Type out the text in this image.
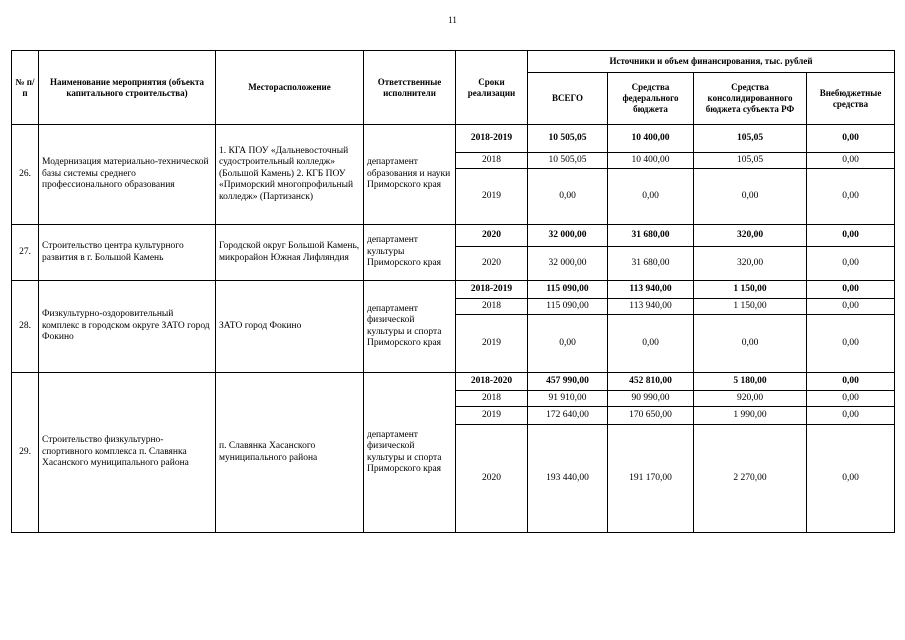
11
№ п/п	Наименование мероприятия (объекта капитального строительства)	Месторасположение	Ответственные исполнители	Сроки реализации	Источники и объем финансирования, тыс. рублей			
					ВСЕГО	Средства федерального бюджета	Средства консолидированного бюджета субъекта РФ	Внебюджетные средства
26.	Модернизация материально-технической базы системы среднего профессионального образования	1. КГА ПОУ «Дальневосточный судостроительный колледж» (Большой Камень) 2. КГБ ПОУ «Приморский многопрофильный колледж» (Партизанск)	департамент образования и науки Приморского края	2018-2019	10 505,05	10 400,00	105,05	0,00
				2018	10 505,05	10 400,00	105,05	0,00
				2019	0,00	0,00	0,00	0,00
27.	Строительство центра культурного развития в г. Большой Камень	Городской округ Большой Камень, микрорайон Южная Лифляндия	департамент культуры Приморского края	2020	32 000,00	31 680,00	320,00	0,00
				2020	32 000,00	31 680,00	320,00	0,00
28.	Физкультурно-оздоровительный комплекс в городском округе ЗАТО город Фокино	ЗАТО город Фокино	департамент физической культуры и спорта Приморского края	2018-2019	115 090,00	113 940,00	1 150,00	0,00
				2018	115 090,00	113 940,00	1 150,00	0,00
				2019	0,00	0,00	0,00	0,00
29.	Строительство физкультурно-спортивного комплекса п. Славянка Хасанского муниципального района	п. Славянка Хасанского муниципального района	департамент физической культуры и спорта Приморского края	2018-2020	457 990,00	452 810,00	5 180,00	0,00
				2018	91 910,00	90 990,00	920,00	0,00
				2019	172 640,00	170 650,00	1 990,00	0,00
				2020	193 440,00	191 170,00	2 270,00	0,00
